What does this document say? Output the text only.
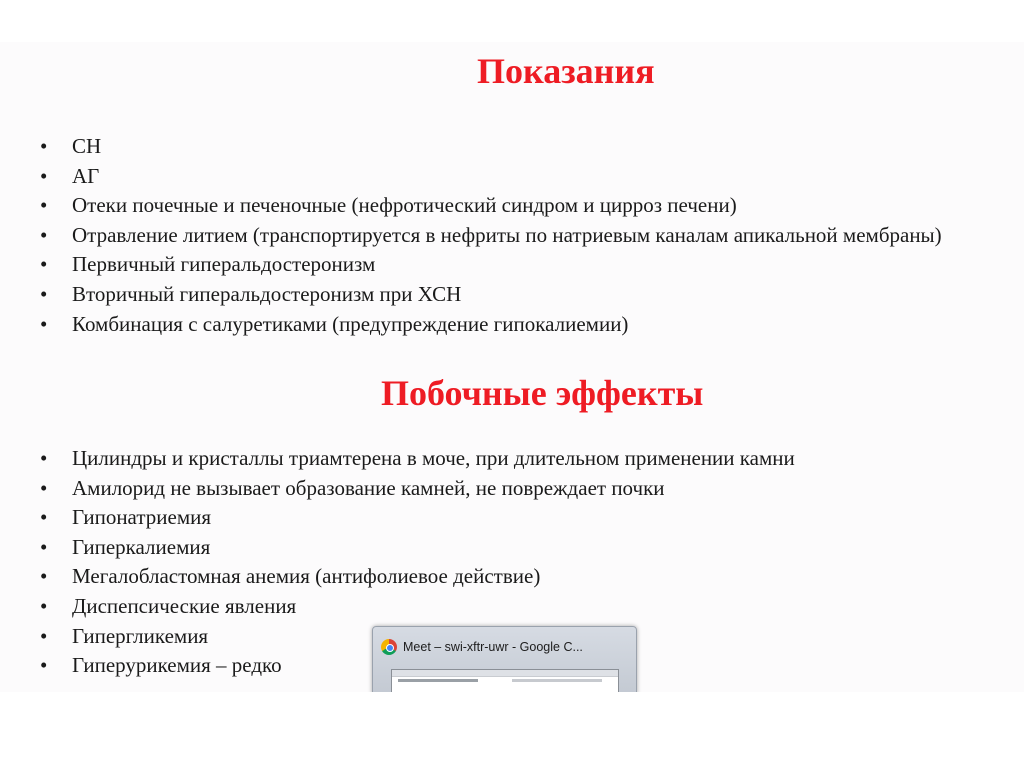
Показания
• СН
• АГ
• Отеки почечные и печеночные (нефротический синдром и цирроз печени)
• Отравление литием (транспортируется в нефриты по натриевым каналам апикальной мембраны)
• Первичный гиперальдостеронизм
• Вторичный гиперальдостеронизм при ХСН
• Комбинация с салуретиками (предупреждение гипокалиемии)
Побочные эффекты
• Цилиндры и кристаллы триамтерена в моче, при длительном применении камни
• Амилорид не вызывает образование камней, не повреждает почки
• Гипонатриемия
• Гиперкалиемия
• Мегалобластомная анемия (антифолиевое действие)
• Диспепсические явления
• Гипергликемия
• Гиперурикемия – редко
Meet – swi-xftr-uwr - Google C...
